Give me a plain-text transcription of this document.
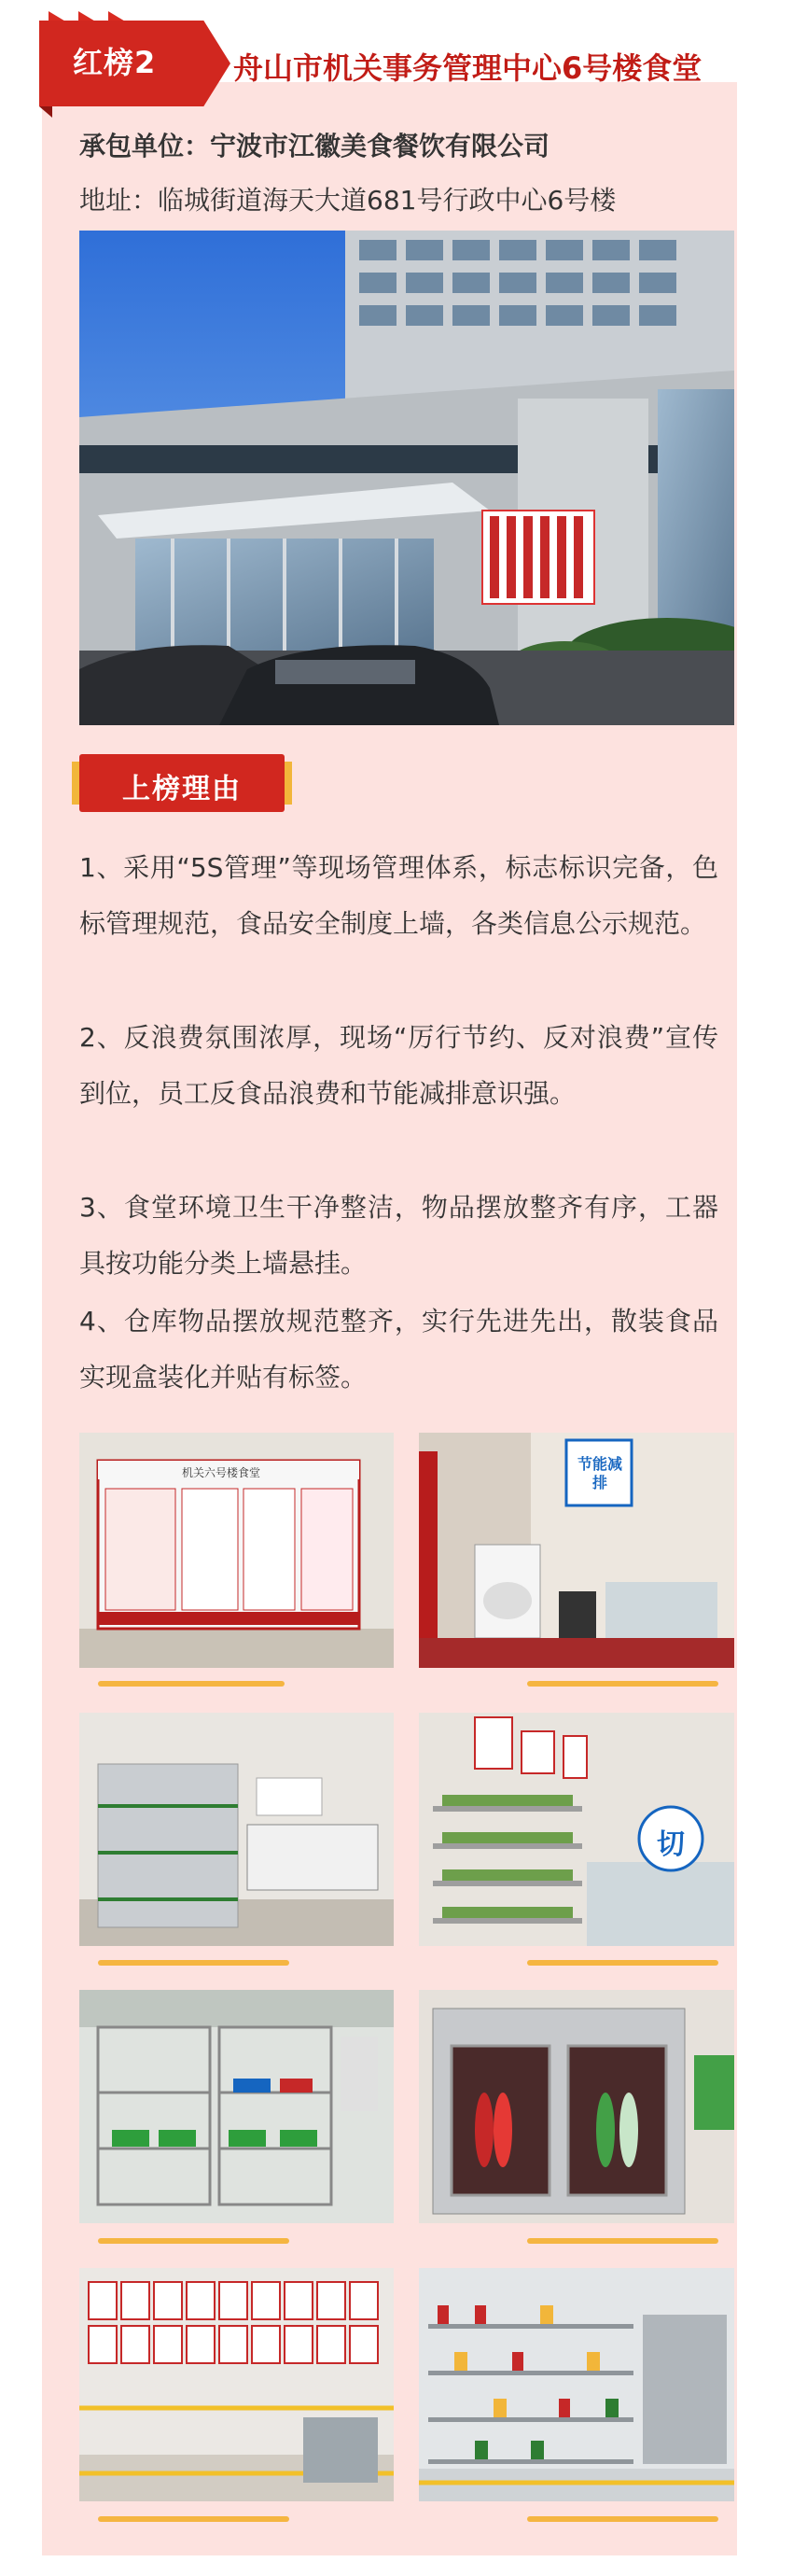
红榜2	舟山市机关事务管理中心6号楼食堂
承包单位：宁波市江徽美食餐饮有限公司
地址：临城街道海天大道681号行政中心6号楼
上榜理由
1、采用“5S管理”等现场管理体系，标志标识完备，色标管理规范，食品安全制度上墙，各类信息公示规范。
2、反浪费氛围浓厚，现场“厉行节约、反对浪费”宣传到位，员工反食品浪费和节能减排意识强。
3、食堂环境卫生干净整洁，物品摆放整齐有序，工器具按功能分类上墙悬挂。
4、仓库物品摆放规范整齐，实行先进先出，散装食品实现盒装化并贴有标签。
机关六号楼食堂	节能减排
切
